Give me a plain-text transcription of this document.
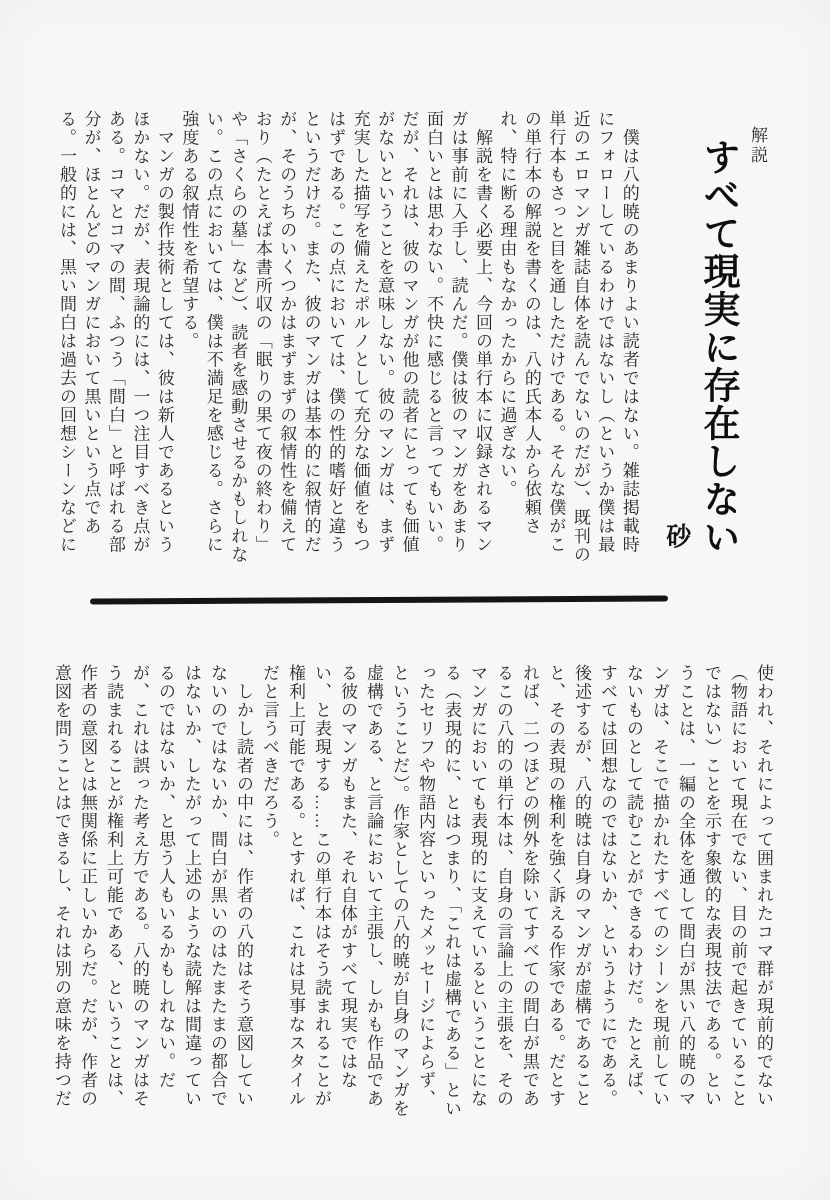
解説
すべて現実に存在しない
砂

　僕は八的暁のあまりよい読者ではない。雑誌掲載時にフォローしているわけではないし（というか僕は最近のエロマンガ雑誌自体を読んでないのだが）、既刊の単行本もさっと目を通しただけである。そんな僕がこの単行本の解説を書くのは、八的氏本人から依頼され、特に断る理由もなかったからに過ぎない。

　解説を書く必要上、今回の単行本に収録されるマンガは事前に入手し、読んだ。僕は彼のマンガをあまり面白いとは思わない。不快に感じると言ってもいい。だが、それは、彼のマンガが他の読者にとっても価値がないということを意味しない。彼のマンガは、まず充実した描写を備えたポルノとして充分な価値をもつはずである。この点においては、僕の性的嗜好と違うというだけだ。また、彼のマンガは基本的に叙情的だが、そのうちのいくつかはまずまずの叙情性を備えており（たとえば本書所収の「眠りの果て夜の終わり」や「さくらの墓」など）、読者を感動させるかもしれない。この点においては、僕は不満足を感じる。さらに強度ある叙情性を希望する。

　マンガの製作技術としては、彼は新人であるというほかない。だが、表現論的には、一つ注目すべき点がある。コマとコマの間、ふつう「間白」と呼ばれる部分が、ほとんどのマンガにおいて黒いという点である。一般的には、黒い間白は過去の回想シーンなどに

使われ、それによって囲まれたコマ群が現前的でない（物語において現在でない、目の前で起きていることではない）ことを示す象徴的な表現技法である。ということは、一編の全体を通して間白が黒い八的暁のマンガは、そこで描かれたすべてのシーンを現前していないものとして読むことができるわけだ。たとえば、すべては回想なのではないか、というようにである。後述するが、八的暁は自身のマンガが虚構であることと、その表現の権利を強く訴える作家である。だとすれば、二つほどの例外を除いてすべての間白が黒であるこの八的の単行本は、自身の言論上の主張を、そのマンガにおいても表現的に支えているということになる（表現的に、とはつまり、「これは虚構である」といったセリフや物語内容といったメッセージによらず、ということだ）。作家としての八的暁が自身のマンガを虚構である、と言論において主張し、しかも作品である彼のマンガもまた、それ自体がすべて現実ではない、と表現する……この単行本はそう読まれることが権利上可能である。とすれば、これは見事なスタイルだと言うべきだろう。

　しかし読者の中には、作者の八的はそう意図していないのではないか、間白が黒いのはたまたまの都合ではないか、したがって上述のような読解は間違っているのではないか、と思う人もいるかもしれない。だが、これは誤った考え方である。八的暁のマンガはそう読まれることが権利上可能である、ということは、作者の意図とは無関係に正しいからだ。だが、作者の意図を問うことはできるし、それは別の意味を持つだ
